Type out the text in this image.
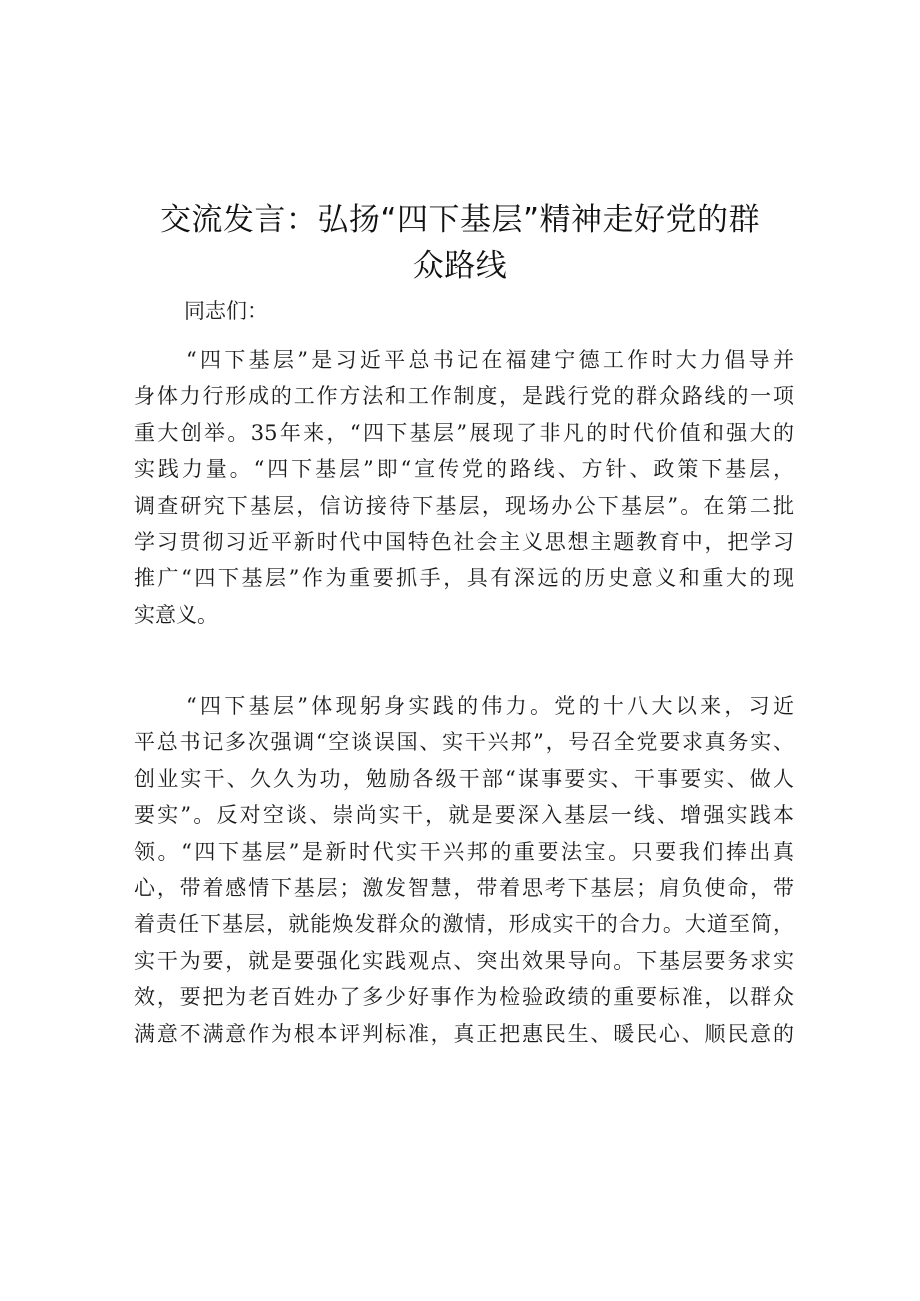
交流发言：弘扬“四下基层”精神走好党的群
众路线

同志们：

“四下基层”是习近平总书记在福建宁德工作时大力倡导并
身体力行形成的工作方法和工作制度，是践行党的群众路线的一项
重大创举。35年来，“四下基层”展现了非凡的时代价值和强大的
实践力量。“四下基层”即“宣传党的路线、方针、政策下基层，
调查研究下基层，信访接待下基层，现场办公下基层”。在第二批
学习贯彻习近平新时代中国特色社会主义思想主题教育中，把学习
推广“四下基层”作为重要抓手，具有深远的历史意义和重大的现
实意义。

“四下基层”体现躬身实践的伟力。党的十八大以来，习近
平总书记多次强调“空谈误国、实干兴邦”，号召全党要求真务实、
创业实干、久久为功，勉励各级干部“谋事要实、干事要实、做人
要实”。反对空谈、崇尚实干，就是要深入基层一线、增强实践本
领。“四下基层”是新时代实干兴邦的重要法宝。只要我们捧出真
心，带着感情下基层；激发智慧，带着思考下基层；肩负使命，带
着责任下基层，就能焕发群众的激情，形成实干的合力。大道至简，
实干为要，就是要强化实践观点、突出效果导向。下基层要务求实
效，要把为老百姓办了多少好事作为检验政绩的重要标准，以群众
满意不满意作为根本评判标准，真正把惠民生、暖民心、顺民意的
